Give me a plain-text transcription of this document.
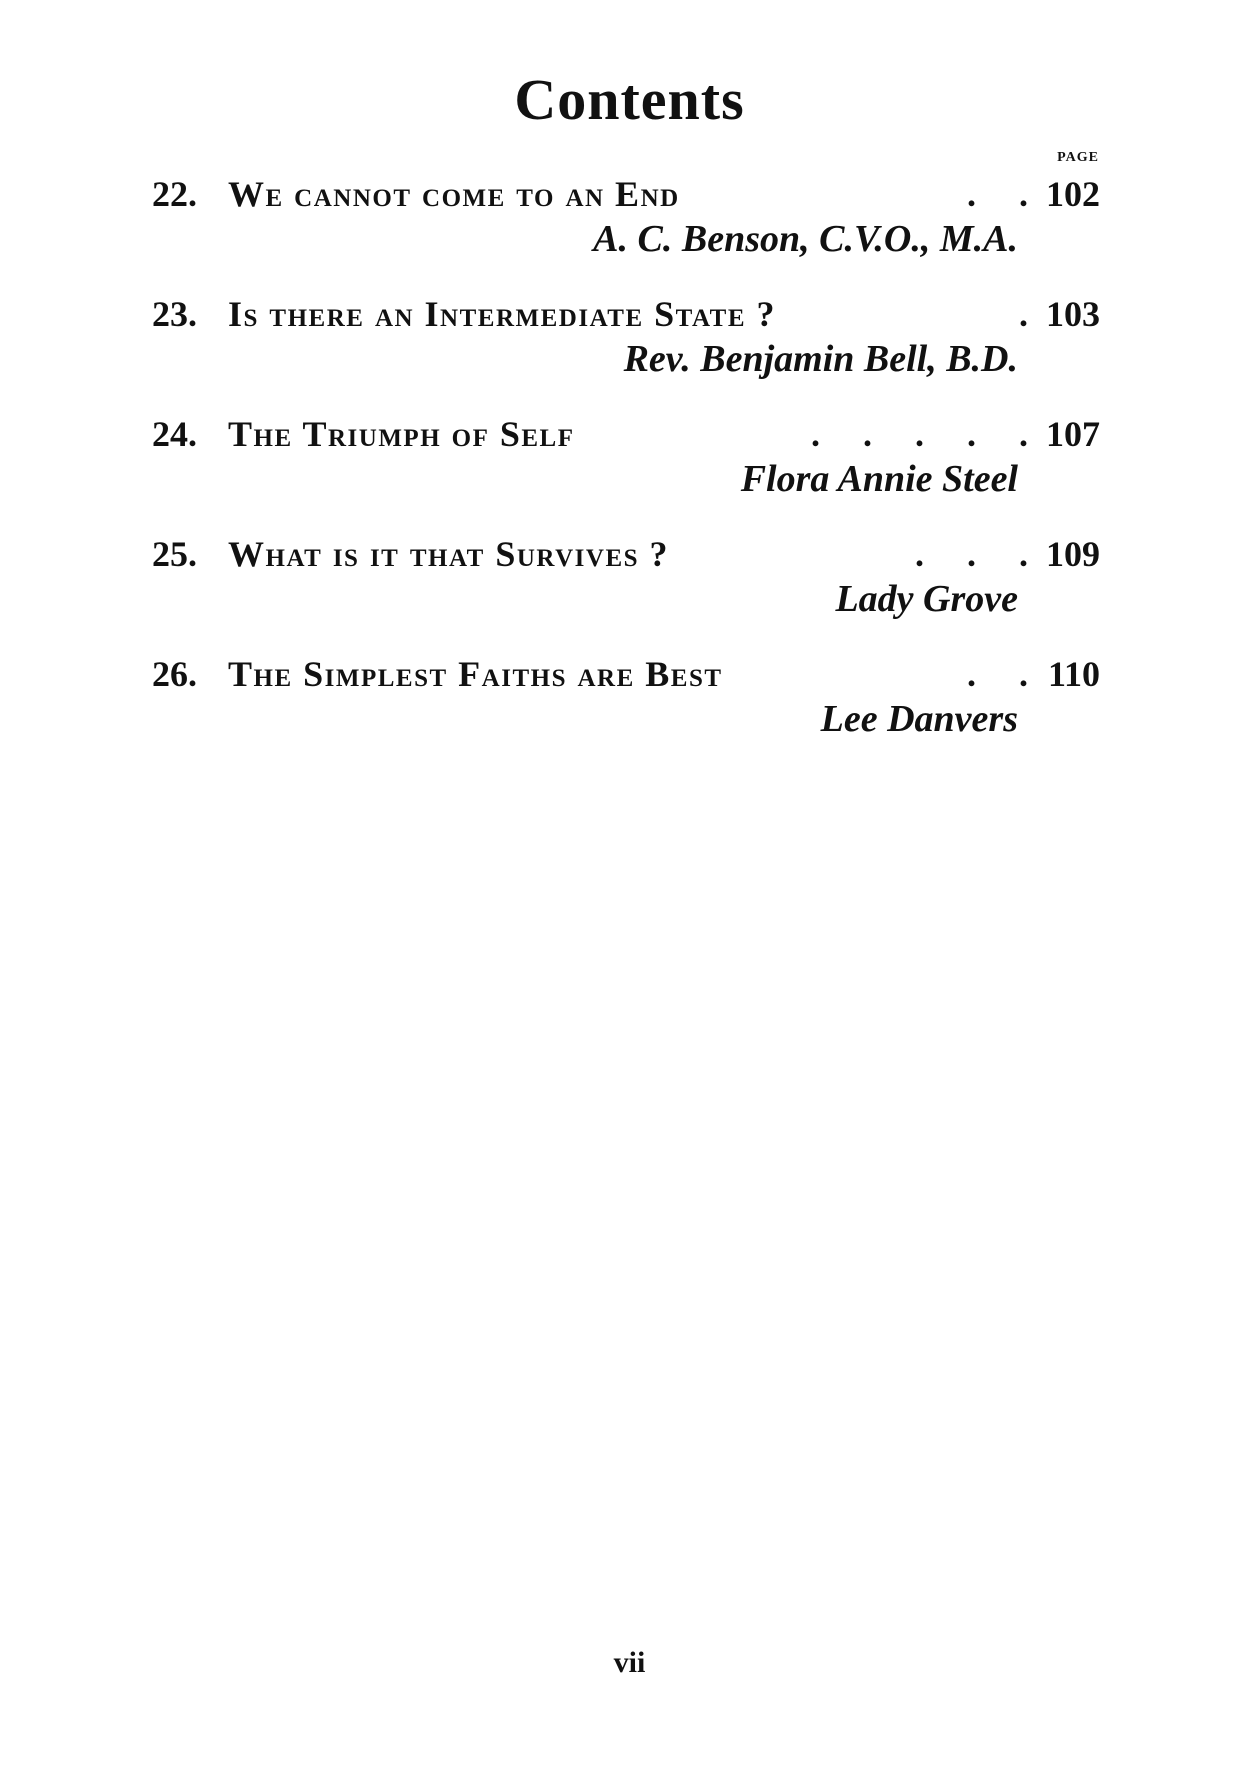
Contents
PAGE
22. We cannot come to an End	. . 102
A. C. Benson, C.V.O., M.A.
23. Is there an Intermediate State ?	. 103
Rev. Benjamin Bell, B.D.
24. The Triumph of Self	. . . . . 107
Flora Annie Steel
25. What is it that Survives ?	. . . 109
Lady Grove
26. The Simplest Faiths are Best	. . 110
Lee Danvers
vii
